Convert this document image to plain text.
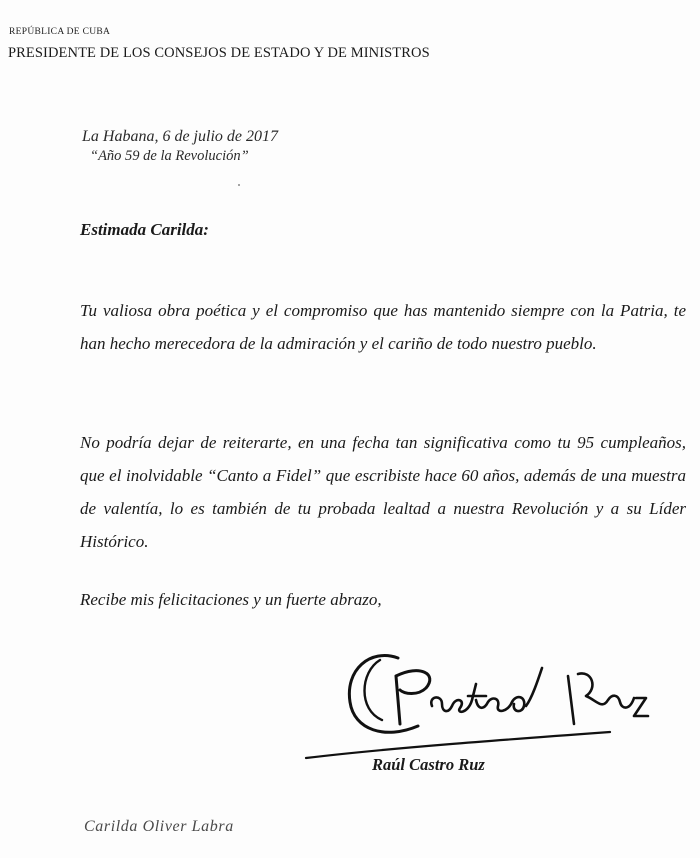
REPÚBLICA DE CUBA
PRESIDENTE DE LOS CONSEJOS DE ESTADO Y DE MINISTROS
La Habana, 6 de julio de 2017
“Año 59 de la Revolución”
Estimada Carilda:
Tu valiosa obra poética y el compromiso que has mantenido siempre con la Patria, te han hecho merecedora de la admiración y el cariño de todo nuestro pueblo.
No podría dejar de reiterarte, en una fecha tan significativa como tu 95 cumpleaños, que el inolvidable “Canto a Fidel” que escribiste hace 60 años, además de una muestra de valentía, lo es también de tu probada lealtad a nuestra Revolución y a su Líder Histórico.
Recibe mis felicitaciones y un fuerte abrazo,
Raúl Castro Ruz
Carilda Oliver Labra
